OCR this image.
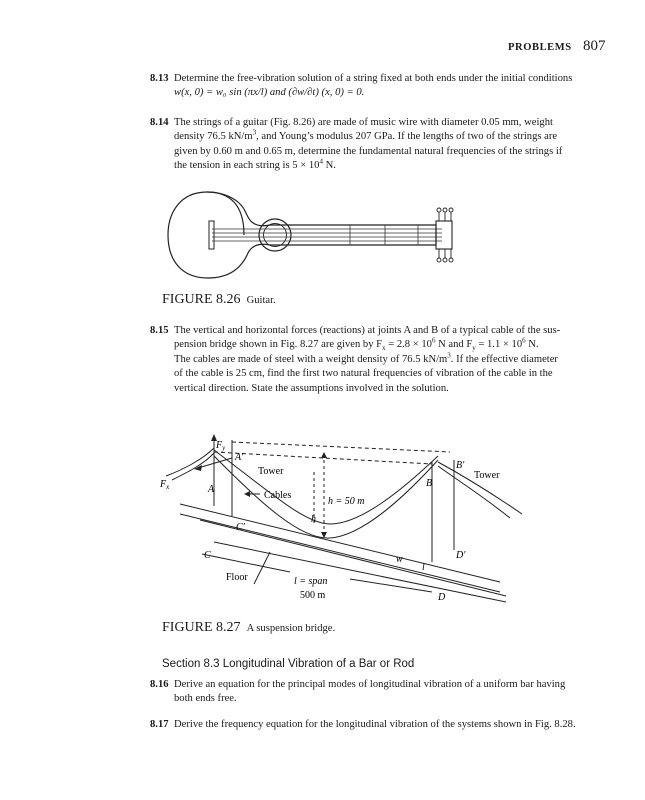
PROBLEMS 807
8.13 Determine the free-vibration solution of a string fixed at both ends under the initial conditions
w(x, 0) = w₀ sin (πx/l) and (∂w/∂t) (x, 0) = 0.
8.14 The strings of a guitar (Fig. 8.26) are made of music wire with diameter 0.05 mm, weight
density 76.5 $kN/m^3$, and Young’s modulus 207 GPa. If the lengths of two of the strings are
given by 0.60 m and 0.65 m, determine the fundamental natural frequencies of the strings if
the tension in each string is $5 \times 10^4$ N.
FIGURE 8.26 Guitar.
8.15 The vertical and horizontal forces (reactions) at joints A and B of a typical cable of the sus-
pension bridge shown in Fig. 8.27 are given by $F_x = 2.8 \times 10^6$ N and $F_y = 1.1 \times 10^6$ N.
The cables are made of steel with a weight density of 76.5 $kN/m^3$. If the effective diameter
of the cable is 25 cm, find the first two natural frequencies of vibration of the cable in the
vertical direction. State the assumptions involved in the solution.
$F_y$
A′
Tower
$F_x$	A
Cables
h = 50 m
h
B′
Tower
B
C′
C	D′
D
Floor	l = span
500 m
w
l
FIGURE 8.27 A suspension bridge.
Section 8.3 Longitudinal Vibration of a Bar or Rod
8.16 Derive an equation for the principal modes of longitudinal vibration of a uniform bar having
both ends free.
8.17 Derive the frequency equation for the longitudinal vibration of the systems shown in Fig. 8.28.
